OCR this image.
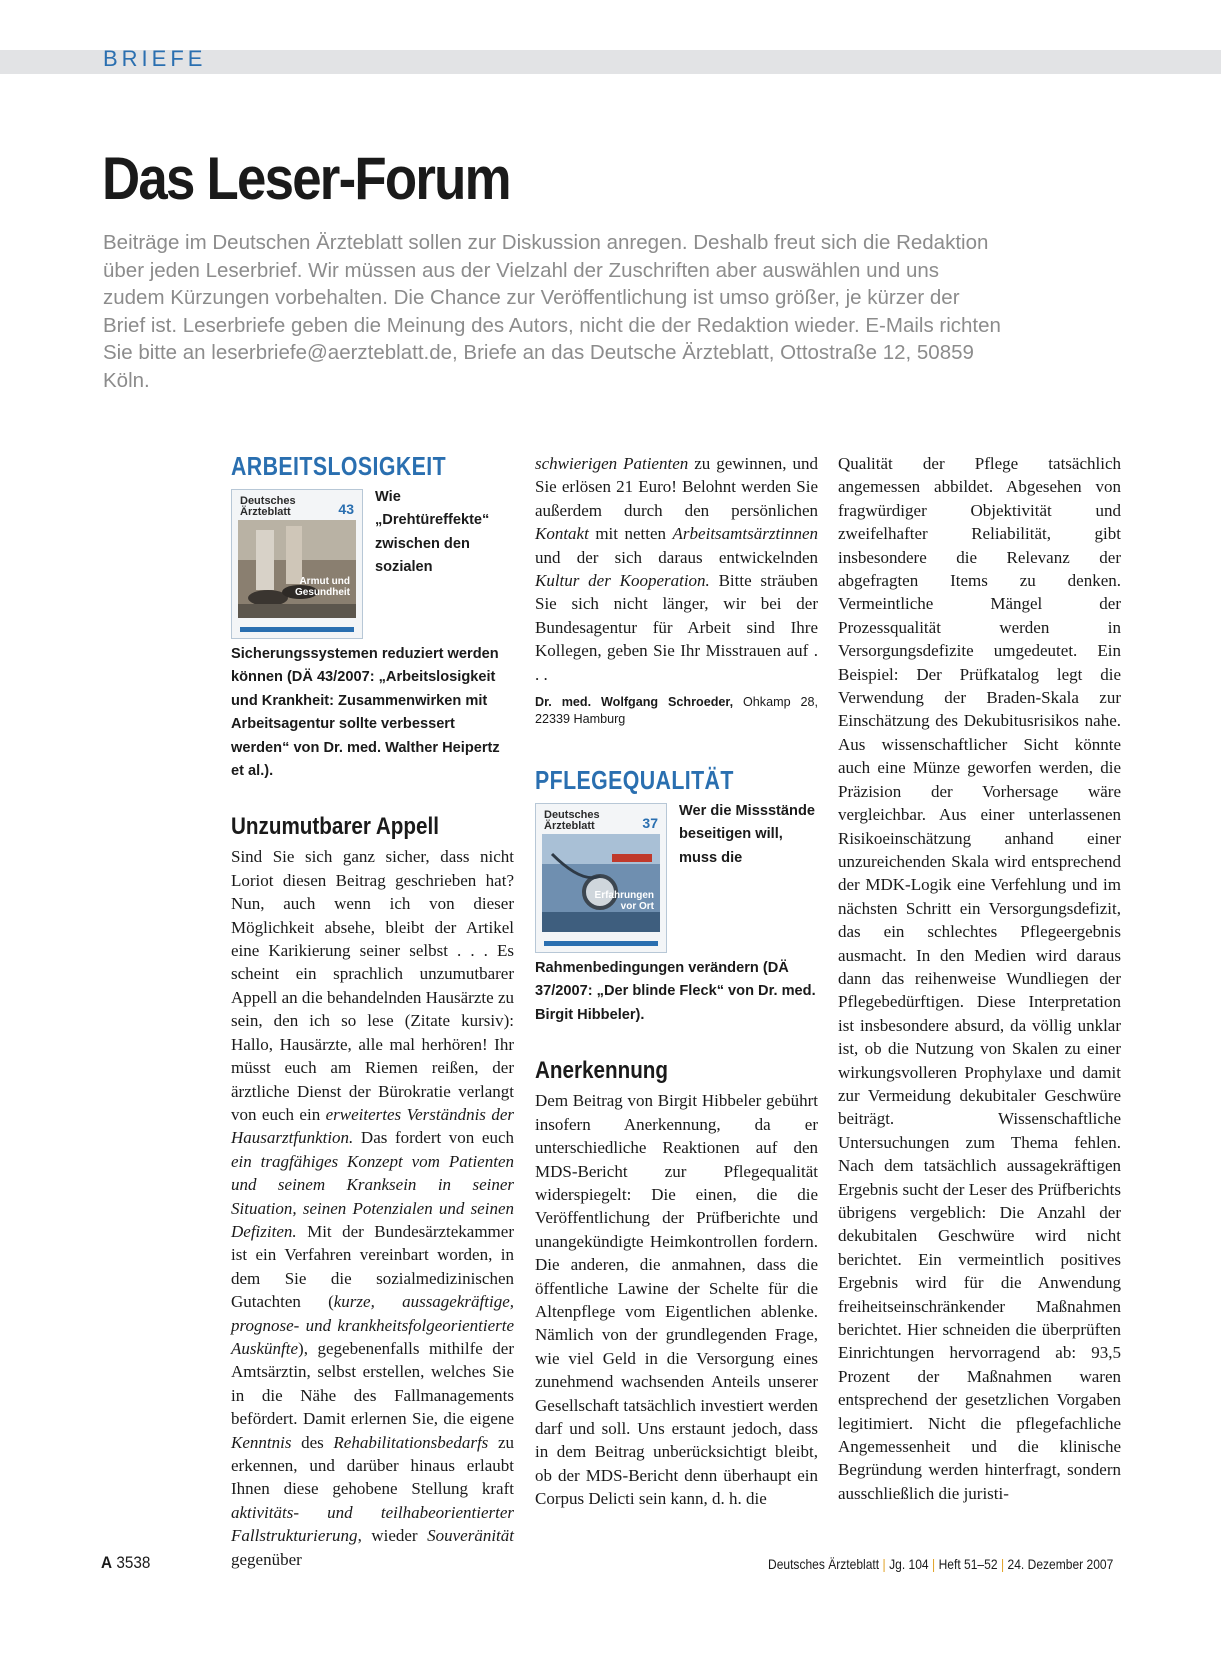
BRIEFE
Das Leser-Forum

Beiträge im Deutschen Ärzteblatt sollen zur Diskussion anregen. Deshalb freut sich die Redaktion über jeden Leserbrief. Wir müssen aus der Vielzahl der Zuschriften aber auswählen und uns zudem Kürzungen vorbehalten. Die Chance zur Veröffentlichung ist umso größer, je kürzer der Brief ist. Leserbriefe geben die Meinung des Autors, nicht die der Redaktion wieder. E-Mails richten Sie bitte an leserbriefe@aerzteblatt.de, Briefe an das Deutsche Ärzteblatt, Ottostraße 12, 50859 Köln.

ARBEITSLOSIGKEIT
Deutsches
Ärzteblatt	43
Armut und Gesundheit
Wie „Drehtüreffekte“ zwischen den sozialen Sicherungssystemen reduziert werden können (DÄ 43/2007: „Arbeitslosigkeit und Krankheit: Zusammenwirken mit Arbeitsagentur sollte verbessert werden“ von Dr. med. Walther Heipertz et al.).
Unzumutbarer Appell

Sind Sie sich ganz sicher, dass nicht Loriot diesen Beitrag geschrieben hat? Nun, auch wenn ich von dieser Möglichkeit absehe, bleibt der Artikel eine Karikierung seiner selbst . . . Es scheint ein sprachlich unzumutbarer Appell an die behandelnden Hausärzte zu sein, den ich so lese (Zitate kursiv): Hallo, Hausärzte, alle mal herhören! Ihr müsst euch am Riemen reißen, der ärztliche Dienst der Bürokratie verlangt von euch ein erweitertes Verständnis der Hausarztfunktion. Das fordert von euch ein tragfähiges Konzept vom Patienten und seinem Kranksein in seiner Situation, seinen Potenzialen und seinen Defiziten. Mit der Bundesärztekammer ist ein Verfahren vereinbart worden, in dem Sie die sozialmedizinischen Gutachten (kurze, aussagekräftige, prognose- und krankheitsfolgeorientierte Auskünfte), gegebenenfalls mithilfe der Amtsärztin, selbst erstellen, welches Sie in die Nähe des Fallmanagements befördert. Damit erlernen Sie, die eigene Kenntnis des Rehabilitationsbedarfs zu erkennen, und darüber hinaus erlaubt Ihnen diese gehobene Stellung kraft aktivitäts- und teilhabeorientierter Fallstrukturierung, wieder Souveränität gegenüber

schwierigen Patienten zu gewinnen, und Sie erlösen 21 Euro! Belohnt werden Sie außerdem durch den persönlichen Kontakt mit netten Arbeitsamtsärztinnen und der sich daraus entwickelnden Kultur der Kooperation. Bitte sträuben Sie sich nicht länger, wir bei der Bundesagentur für Arbeit sind Ihre Kollegen, geben Sie Ihr Misstrauen auf . . .

Dr. med. Wolfgang Schroeder, Ohkamp 28, 22339 Hamburg

PFLEGEQUALITÄT
Deutsches
Ärzteblatt	37
Erfahrungen vor Ort
Wer die Missstände beseitigen will, muss die Rahmenbedingungen verändern (DÄ 37/2007: „Der blinde Fleck“ von Dr. med. Birgit Hibbeler).
Anerkennung

Dem Beitrag von Birgit Hibbeler gebührt insofern Anerkennung, da er unterschiedliche Reaktionen auf den MDS-Bericht zur Pflegequalität widerspiegelt: Die einen, die die Veröffentlichung der Prüfberichte und unangekündigte Heimkontrollen fordern. Die anderen, die anmahnen, dass die öffentliche Lawine der Schelte für die Altenpflege vom Eigentlichen ablenke. Nämlich von der grundlegenden Frage, wie viel Geld in die Versorgung eines zunehmend wachsenden Anteils unserer Gesellschaft tatsächlich investiert werden darf und soll. Uns erstaunt jedoch, dass in dem Beitrag unberücksichtigt bleibt, ob der MDS-Bericht denn überhaupt ein Corpus Delicti sein kann, d. h. die

Qualität der Pflege tatsächlich angemessen abbildet. Abgesehen von fragwürdiger Objektivität und zweifelhafter Reliabilität, gibt insbesondere die Relevanz der abgefragten Items zu denken. Vermeintliche Mängel der Prozessqualität werden in Versorgungsdefizite umgedeutet. Ein Beispiel: Der Prüfkatalog legt die Verwendung der Braden-Skala zur Einschätzung des Dekubitusrisikos nahe. Aus wissenschaftlicher Sicht könnte auch eine Münze geworfen werden, die Präzision der Vorhersage wäre vergleichbar. Aus einer unterlassenen Risikoeinschätzung anhand einer unzureichenden Skala wird entsprechend der MDK-Logik eine Verfehlung und im nächsten Schritt ein Versorgungsdefizit, das ein schlechtes Pflegeergebnis ausmacht. In den Medien wird daraus dann das reihenweise Wundliegen der Pflegebedürftigen. Diese Interpretation ist insbesondere absurd, da völlig unklar ist, ob die Nutzung von Skalen zu einer wirkungsvolleren Prophylaxe und damit zur Vermeidung dekubitaler Geschwüre beiträgt. Wissenschaftliche Untersuchungen zum Thema fehlen. Nach dem tatsächlich aussagekräftigen Ergebnis sucht der Leser des Prüfberichts übrigens vergeblich: Die Anzahl der dekubitalen Geschwüre wird nicht berichtet. Ein vermeintlich positives Ergebnis wird für die Anwendung freiheitseinschränkender Maßnahmen berichtet. Hier schneiden die überprüften Einrichtungen hervorragend ab: 93,5 Prozent der Maßnahmen waren entsprechend der gesetzlichen Vorgaben legitimiert. Nicht die pflegefachliche Angemessenheit und die klinische Begründung werden hinterfragt, sondern ausschließlich die juristi-

A 3538	Deutsches Ärzteblatt | Jg. 104 | Heft 51–52 | 24. Dezember 2007
